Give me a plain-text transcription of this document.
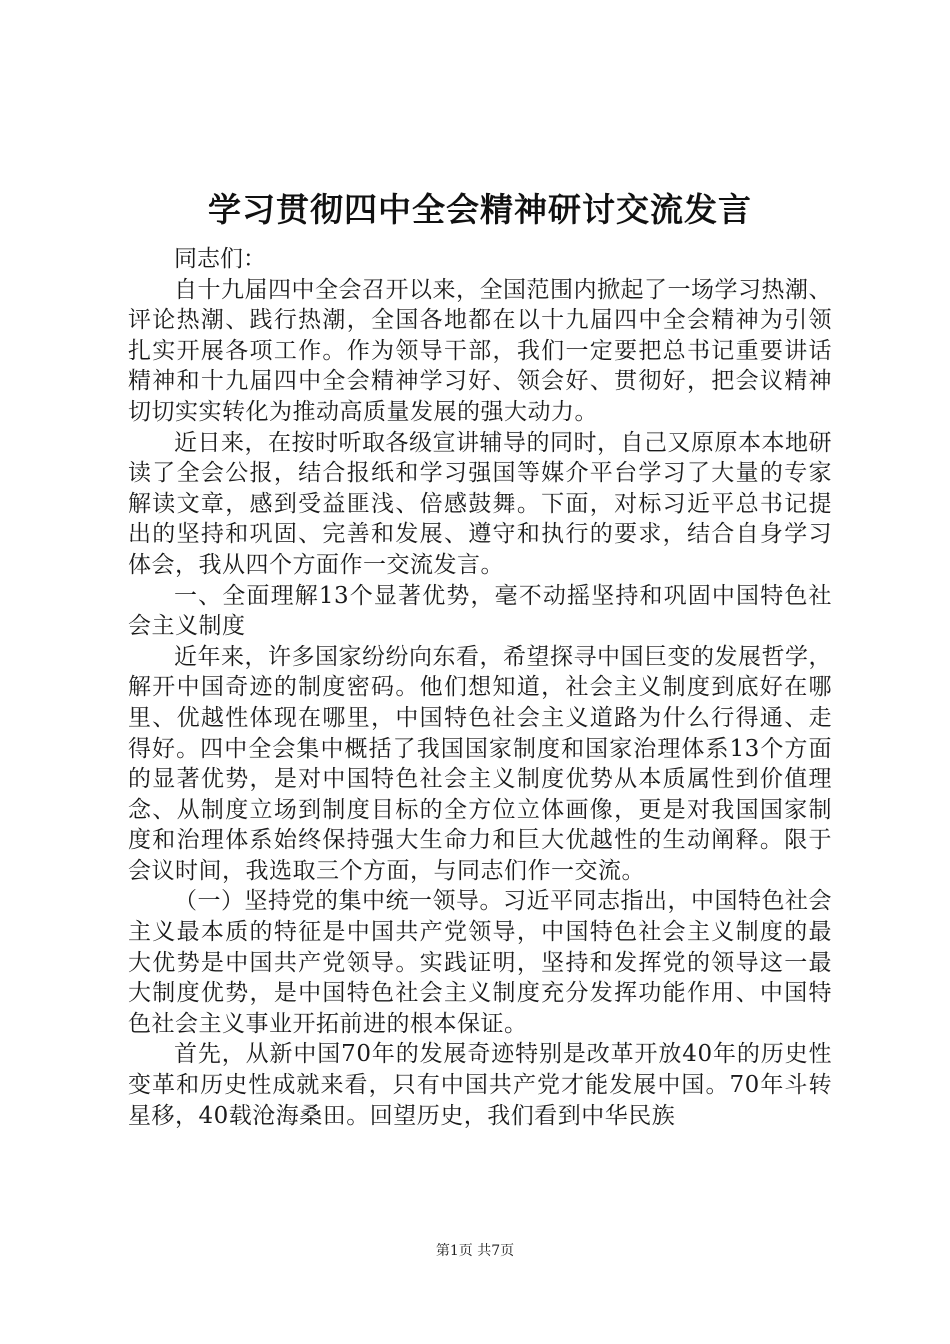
学习贯彻四中全会精神研讨交流发言

同志们：

自十九届四中全会召开以来，全国范围内掀起了一场学习热潮、评论热潮、践行热潮，全国各地都在以十九届四中全会精神为引领扎实开展各项工作。作为领导干部，我们一定要把总书记重要讲话精神和十九届四中全会精神学习好、领会好、贯彻好，把会议精神切切实实转化为推动高质量发展的强大动力。

近日来，在按时听取各级宣讲辅导的同时，自己又原原本本地研读了全会公报，结合报纸和学习强国等媒介平台学习了大量的专家解读文章，感到受益匪浅、倍感鼓舞。下面，对标习近平总书记提出的坚持和巩固、完善和发展、遵守和执行的要求，结合自身学习体会，我从四个方面作一交流发言。

一、全面理解13个显著优势，毫不动摇坚持和巩固中国特色社会主义制度

近年来，许多国家纷纷向东看，希望探寻中国巨变的发展哲学，解开中国奇迹的制度密码。他们想知道，社会主义制度到底好在哪里、优越性体现在哪里，中国特色社会主义道路为什么行得通、走得好。四中全会集中概括了我国国家制度和国家治理体系13个方面的显著优势，是对中国特色社会主义制度优势从本质属性到价值理念、从制度立场到制度目标的全方位立体画像，更是对我国国家制度和治理体系始终保持强大生命力和巨大优越性的生动阐释。限于会议时间，我选取三个方面，与同志们作一交流。

（一）坚持党的集中统一领导。习近平同志指出，中国特色社会主义最本质的特征是中国共产党领导，中国特色社会主义制度的最大优势是中国共产党领导。实践证明，坚持和发挥党的领导这一最大制度优势，是中国特色社会主义制度充分发挥功能作用、中国特色社会主义事业开拓前进的根本保证。

首先，从新中国70年的发展奇迹特别是改革开放40年的历史性变革和历史性成就来看，只有中国共产党才能发展中国。70年斗转星移，40载沧海桑田。回望历史，我们看到中华民族

第1页 共7页
